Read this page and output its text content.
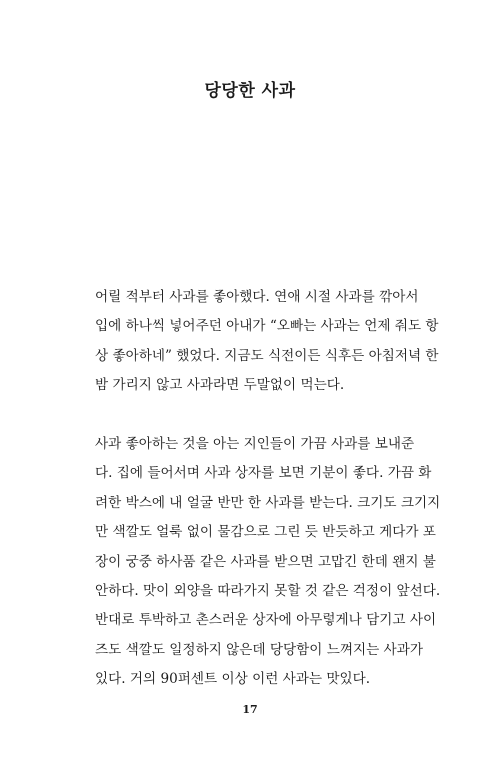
당당한 사과

어릴 적부터 사과를 좋아했다. 연애 시절 사과를 깎아서
입에 하나씩 넣어주던 아내가 “오빠는 사과는 언제 줘도 항
상 좋아하네” 했었다. 지금도 식전이든 식후든 아침저녁 한
밤 가리지 않고 사과라면 두말없이 먹는다.

사과 좋아하는 것을 아는 지인들이 가끔 사과를 보내준
다. 집에 들어서며 사과 상자를 보면 기분이 좋다. 가끔 화
려한 박스에 내 얼굴 반만 한 사과를 받는다. 크기도 크기지
만 색깔도 얼룩 없이 물감으로 그린 듯 반듯하고 게다가 포
장이 궁중 하사품 같은 사과를 받으면 고맙긴 한데 왠지 불
안하다. 맛이 외양을 따라가지 못할 것 같은 걱정이 앞선다.
반대로 투박하고 촌스러운 상자에 아무렇게나 담기고 사이
즈도 색깔도 일정하지 않은데 당당함이 느껴지는 사과가
있다. 거의 90퍼센트 이상 이런 사과는 맛있다.

17
